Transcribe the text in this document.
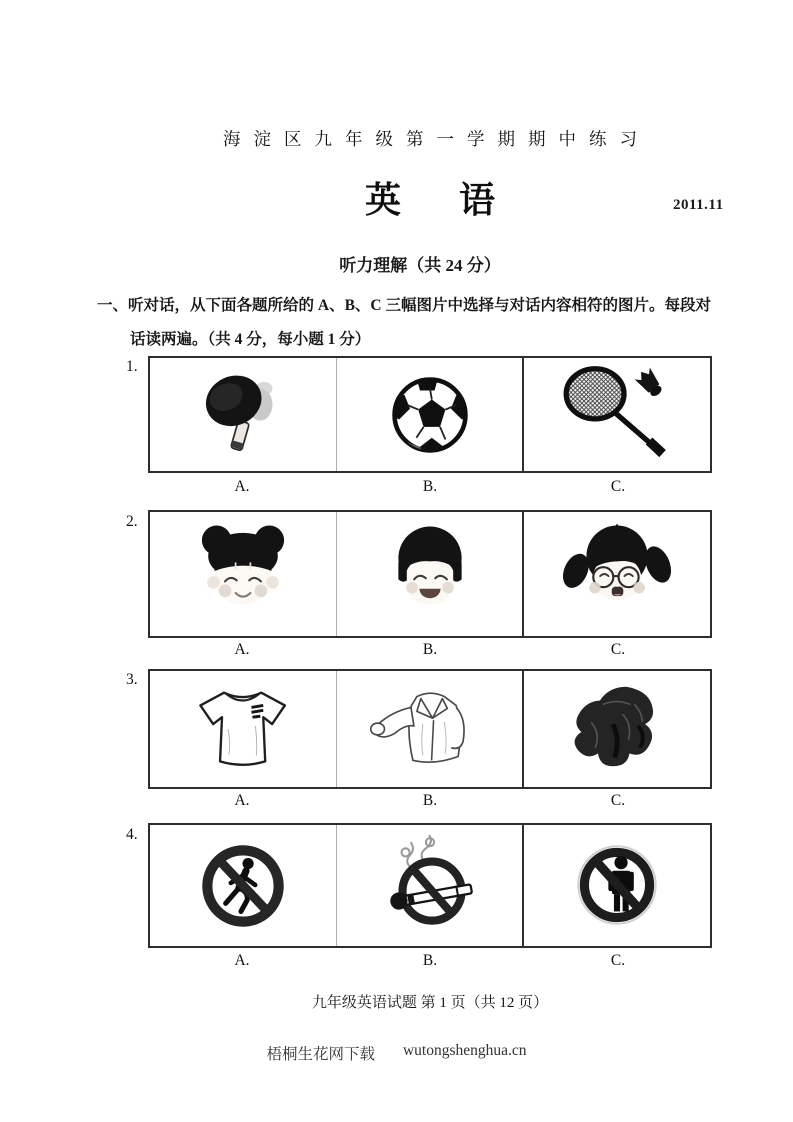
海淀区九年级第一学期期中练习
英 语	2011.11
听力理解（共 24 分）
一、听对话，从下面各题所给的 A、B、C 三幅图片中选择与对话内容相符的图片。每段对
话读两遍。（共 4 分，每小题 1 分）
1.
A.	B.	C.
2.
A.	B.	C.
3.
A.	B.	C.
4.
A.	B.	C.
九年级英语试题 第 1 页（共 12 页）
梧桐生花网下载 wutongshenghua.cn
